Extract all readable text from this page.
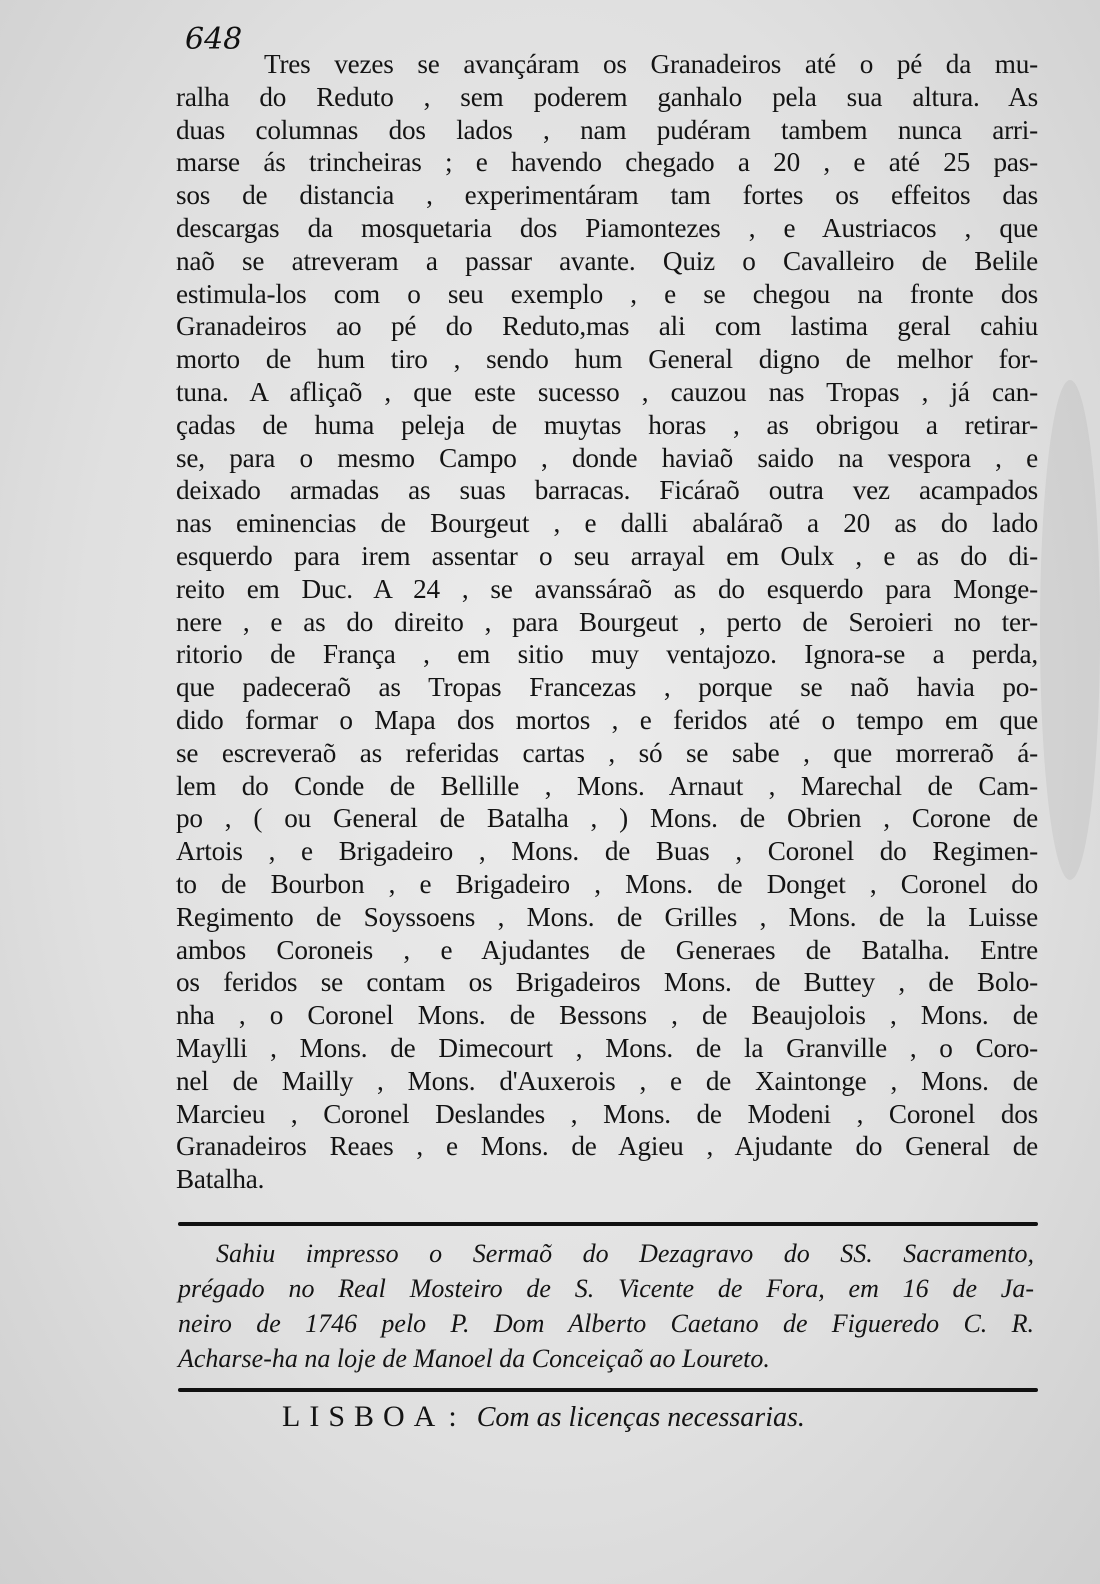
648
Tres vezes se avançáram os Granadeiros até o pé da mu-
ralha do Reduto , sem poderem ganhalo pela sua altura. As
duas columnas dos lados , nam pudéram tambem nunca arri-
marse ás trincheiras ; e havendo chegado a 20 , e até 25 pas-
sos de distancia , experimentáram tam fortes os effeitos das
descargas da mosquetaria dos Piamontezes , e Austriacos , que
naõ se atreveram a passar avante. Quiz o Cavalleiro de Belile
estimula-los com o seu exemplo , e se chegou na fronte dos
Granadeiros ao pé do Reduto,mas ali com lastima geral cahiu
morto de hum tiro , sendo hum General digno de melhor for-
tuna. A afliçaõ , que este sucesso , cauzou nas Tropas , já can-
çadas de huma peleja de muytas horas , as obrigou a retirar-
se, para o mesmo Campo , donde haviaõ saido na vespora , e
deixado armadas as suas barracas. Ficáraõ outra vez acampados
nas eminencias de Bourgeut , e dalli abaláraõ a 20 as do lado
esquerdo para irem assentar o seu arrayal em Oulx , e as do di-
reito em Duc. A 24 , se avanssáraõ as do esquerdo para Monge-
nere , e as do direito , para Bourgeut , perto de Seroieri no ter-
ritorio de França , em sitio muy ventajozo. Ignora-se a perda,
que padeceraõ as Tropas Francezas , porque se naõ havia po-
dido formar o Mapa dos mortos , e feridos até o tempo em que
se escreveraõ as referidas cartas , só se sabe , que morreraõ á-
lem do Conde de Bellille , Mons. Arnaut , Marechal de Cam-
po , ( ou General de Batalha , ) Mons. de Obrien , Corone de
Artois , e Brigadeiro , Mons. de Buas , Coronel do Regimen-
to de Bourbon , e Brigadeiro , Mons. de Donget , Coronel do
Regimento de Soyssoens , Mons. de Grilles , Mons. de la Luisse
ambos Coroneis , e Ajudantes de Generaes de Batalha. Entre
os feridos se contam os Brigadeiros Mons. de Buttey , de Bolo-
nha , o Coronel Mons. de Bessons , de Beaujolois , Mons. de
Maylli , Mons. de Dimecourt , Mons. de la Granville , o Coro-
nel de Mailly , Mons. d'Auxerois , e de Xaintonge , Mons. de
Marcieu , Coronel Deslandes , Mons. de Modeni , Coronel dos
Granadeiros Reaes , e Mons. de Agieu , Ajudante do General de
Batalha.
Sahiu impresso o Sermaõ do Dezagravo do SS. Sacramento,
prégado no Real Mosteiro de S. Vicente de Fora, em 16 de Ja-
neiro de 1746 pelo P. Dom Alberto Caetano de Figueredo C. R.
Acharse-ha na loje de Manoel da Conceiçaõ ao Loureto.
LISBOA : Com as licenças necessarias.
